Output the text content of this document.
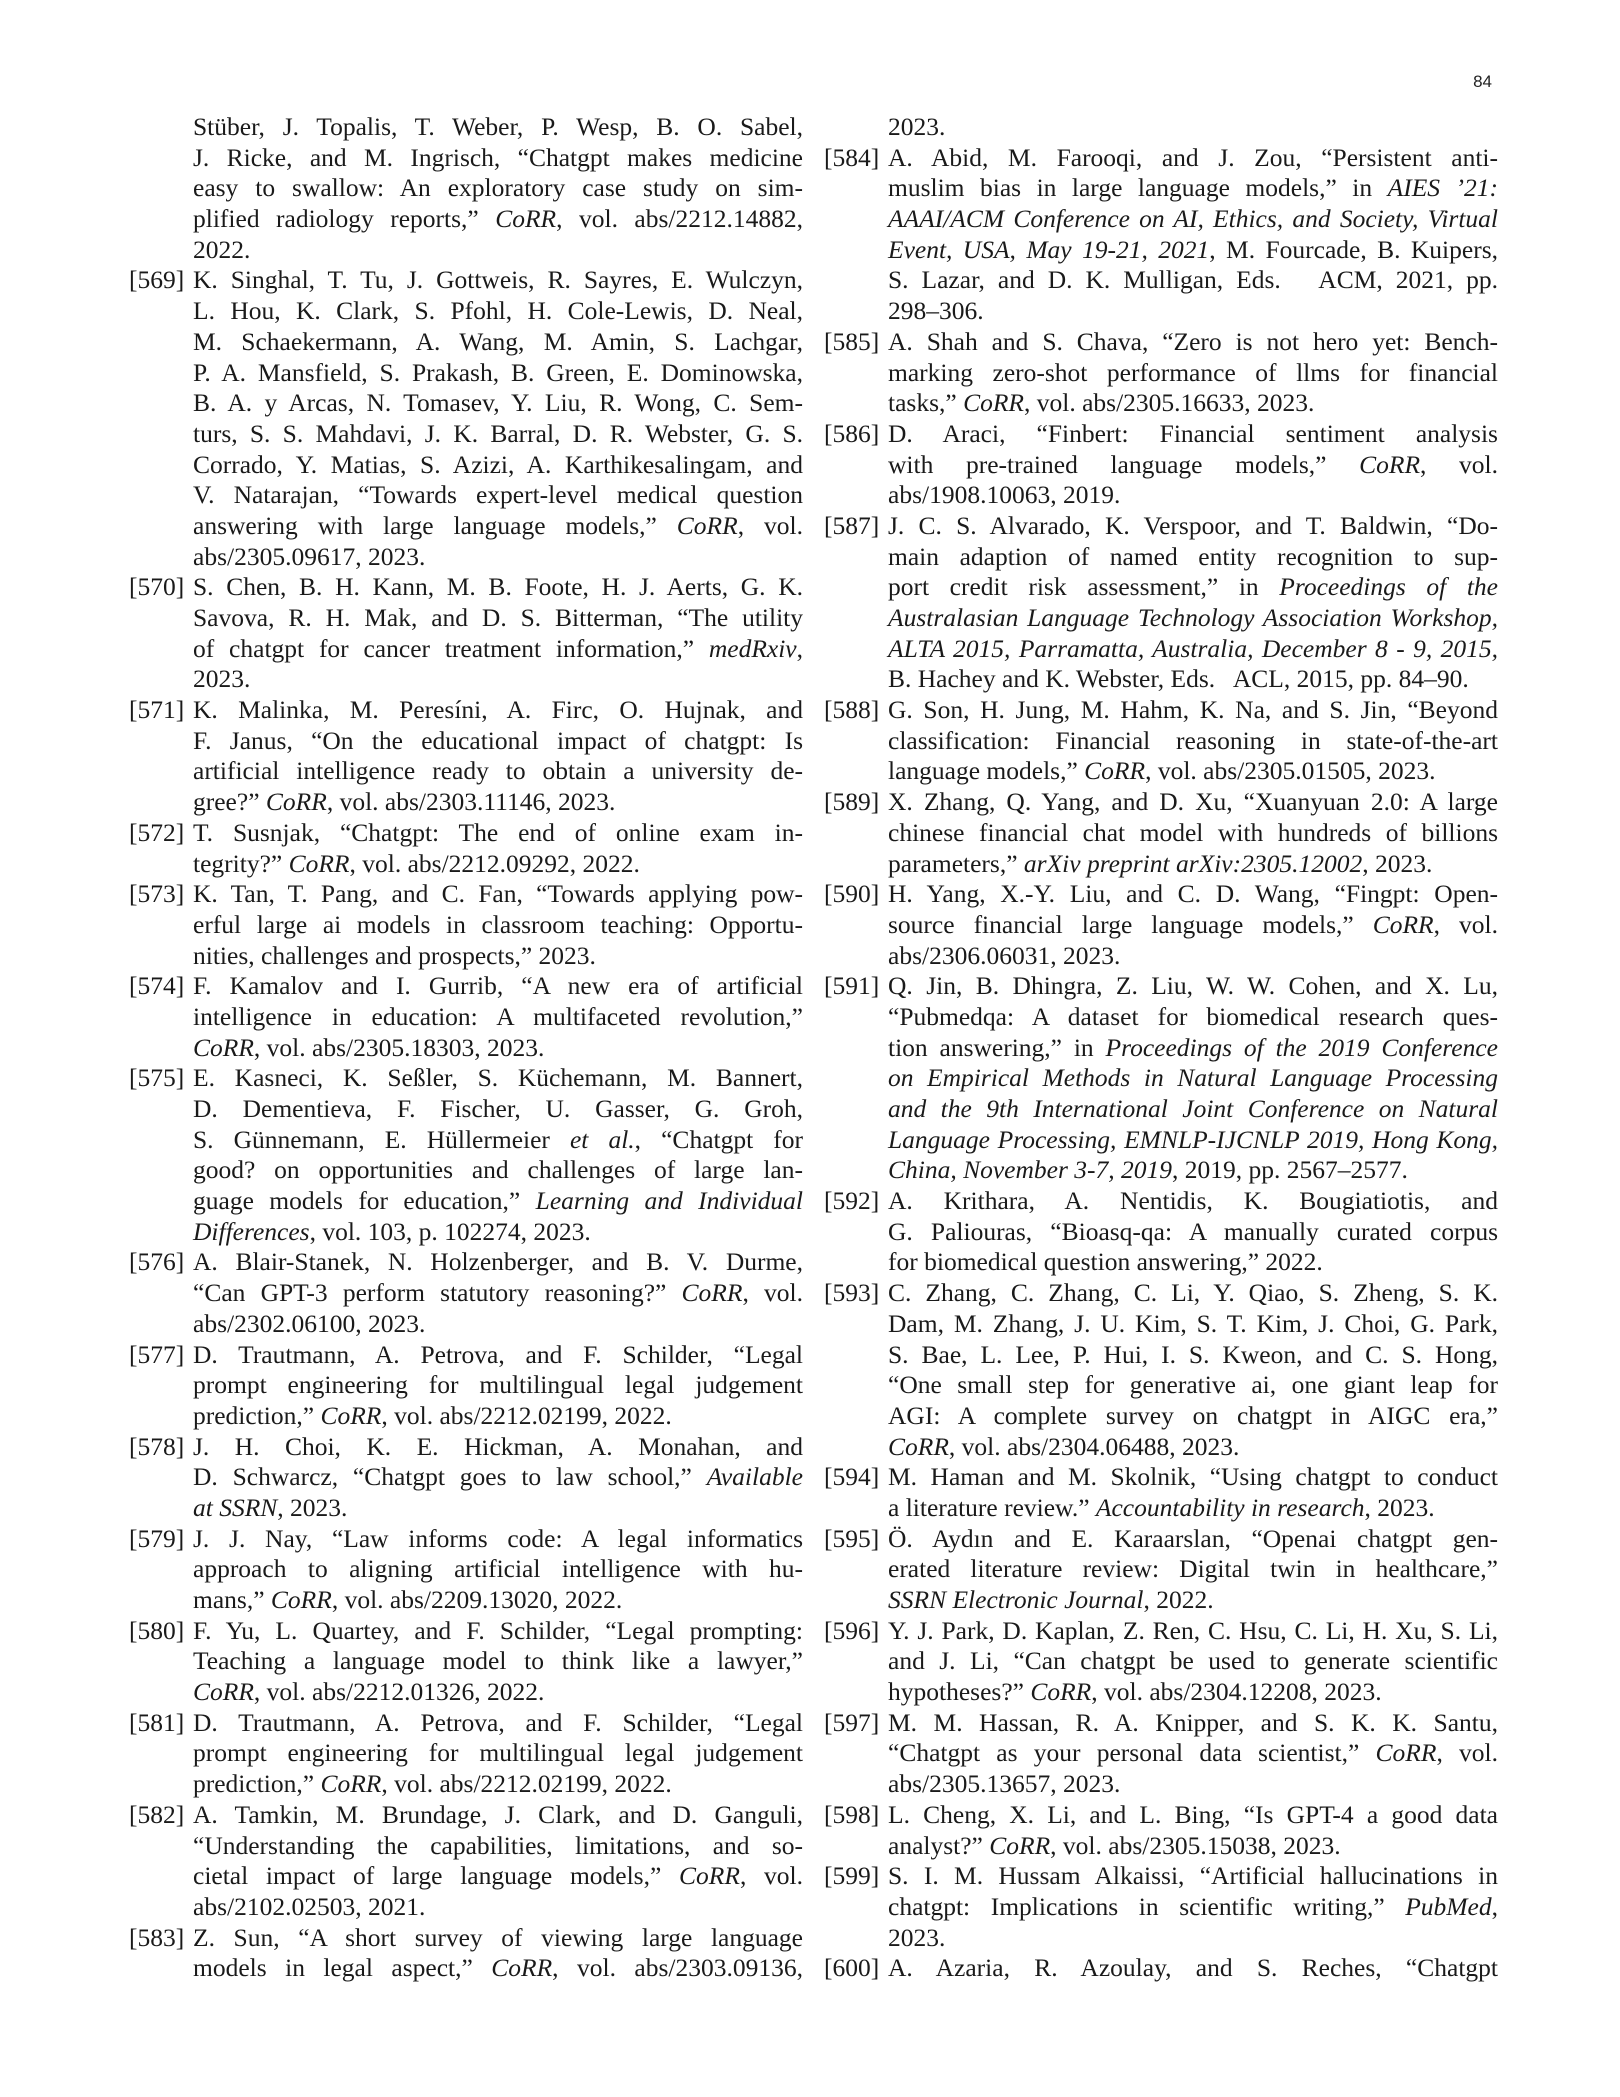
84
Stüber, J. Topalis, T. Weber, P. Wesp, B. O. Sabel,
J. Ricke, and M. Ingrisch, “Chatgpt makes medicine
easy to swallow: An exploratory case study on sim-
plified radiology reports,” CoRR, vol. abs/2212.14882,
2022.
[569] K. Singhal, T. Tu, J. Gottweis, R. Sayres, E. Wulczyn,
L. Hou, K. Clark, S. Pfohl, H. Cole-Lewis, D. Neal,
M. Schaekermann, A. Wang, M. Amin, S. Lachgar,
P. A. Mansfield, S. Prakash, B. Green, E. Dominowska,
B. A. y Arcas, N. Tomasev, Y. Liu, R. Wong, C. Sem-
turs, S. S. Mahdavi, J. K. Barral, D. R. Webster, G. S.
Corrado, Y. Matias, S. Azizi, A. Karthikesalingam, and
V. Natarajan, “Towards expert-level medical question
answering with large language models,” CoRR, vol.
abs/2305.09617, 2023.
[570] S. Chen, B. H. Kann, M. B. Foote, H. J. Aerts, G. K.
Savova, R. H. Mak, and D. S. Bitterman, “The utility
of chatgpt for cancer treatment information,” medRxiv,
2023.
[571] K. Malinka, M. Peresíni, A. Firc, O. Hujnak, and
F. Janus, “On the educational impact of chatgpt: Is
artificial intelligence ready to obtain a university de-
gree?” CoRR, vol. abs/2303.11146, 2023.
[572] T. Susnjak, “Chatgpt: The end of online exam in-
tegrity?” CoRR, vol. abs/2212.09292, 2022.
[573] K. Tan, T. Pang, and C. Fan, “Towards applying pow-
erful large ai models in classroom teaching: Opportu-
nities, challenges and prospects,” 2023.
[574] F. Kamalov and I. Gurrib, “A new era of artificial
intelligence in education: A multifaceted revolution,”
CoRR, vol. abs/2305.18303, 2023.
[575] E. Kasneci, K. Seßler, S. Küchemann, M. Bannert,
D. Dementieva, F. Fischer, U. Gasser, G. Groh,
S. Günnemann, E. Hüllermeier et al., “Chatgpt for
good? on opportunities and challenges of large lan-
guage models for education,” Learning and Individual
Differences, vol. 103, p. 102274, 2023.
[576] A. Blair-Stanek, N. Holzenberger, and B. V. Durme,
“Can GPT-3 perform statutory reasoning?” CoRR, vol.
abs/2302.06100, 2023.
[577] D. Trautmann, A. Petrova, and F. Schilder, “Legal
prompt engineering for multilingual legal judgement
prediction,” CoRR, vol. abs/2212.02199, 2022.
[578] J. H. Choi, K. E. Hickman, A. Monahan, and
D. Schwarcz, “Chatgpt goes to law school,” Available
at SSRN, 2023.
[579] J. J. Nay, “Law informs code: A legal informatics
approach to aligning artificial intelligence with hu-
mans,” CoRR, vol. abs/2209.13020, 2022.
[580] F. Yu, L. Quartey, and F. Schilder, “Legal prompting:
Teaching a language model to think like a lawyer,”
CoRR, vol. abs/2212.01326, 2022.
[581] D. Trautmann, A. Petrova, and F. Schilder, “Legal
prompt engineering for multilingual legal judgement
prediction,” CoRR, vol. abs/2212.02199, 2022.
[582] A. Tamkin, M. Brundage, J. Clark, and D. Ganguli,
“Understanding the capabilities, limitations, and so-
cietal impact of large language models,” CoRR, vol.
abs/2102.02503, 2021.
[583] Z. Sun, “A short survey of viewing large language
models in legal aspect,” CoRR, vol. abs/2303.09136,
2023.
[584] A. Abid, M. Farooqi, and J. Zou, “Persistent anti-
muslim bias in large language models,” in AIES ’21:
AAAI/ACM Conference on AI, Ethics, and Society, Virtual
Event, USA, May 19-21, 2021, M. Fourcade, B. Kuipers,
S. Lazar, and D. K. Mulligan, Eds.   ACM, 2021, pp.
298–306.
[585] A. Shah and S. Chava, “Zero is not hero yet: Bench-
marking zero-shot performance of llms for financial
tasks,” CoRR, vol. abs/2305.16633, 2023.
[586] D. Araci, “Finbert: Financial sentiment analysis
with pre-trained language models,” CoRR, vol.
abs/1908.10063, 2019.
[587] J. C. S. Alvarado, K. Verspoor, and T. Baldwin, “Do-
main adaption of named entity recognition to sup-
port credit risk assessment,” in Proceedings of the
Australasian Language Technology Association Workshop,
ALTA 2015, Parramatta, Australia, December 8 - 9, 2015,
B. Hachey and K. Webster, Eds.   ACL, 2015, pp. 84–90.
[588] G. Son, H. Jung, M. Hahm, K. Na, and S. Jin, “Beyond
classification: Financial reasoning in state-of-the-art
language models,” CoRR, vol. abs/2305.01505, 2023.
[589] X. Zhang, Q. Yang, and D. Xu, “Xuanyuan 2.0: A large
chinese financial chat model with hundreds of billions
parameters,” arXiv preprint arXiv:2305.12002, 2023.
[590] H. Yang, X.-Y. Liu, and C. D. Wang, “Fingpt: Open-
source financial large language models,” CoRR, vol.
abs/2306.06031, 2023.
[591] Q. Jin, B. Dhingra, Z. Liu, W. W. Cohen, and X. Lu,
“Pubmedqa: A dataset for biomedical research ques-
tion answering,” in Proceedings of the 2019 Conference
on Empirical Methods in Natural Language Processing
and the 9th International Joint Conference on Natural
Language Processing, EMNLP-IJCNLP 2019, Hong Kong,
China, November 3-7, 2019, 2019, pp. 2567–2577.
[592] A. Krithara, A. Nentidis, K. Bougiatiotis, and
G. Paliouras, “Bioasq-qa: A manually curated corpus
for biomedical question answering,” 2022.
[593] C. Zhang, C. Zhang, C. Li, Y. Qiao, S. Zheng, S. K.
Dam, M. Zhang, J. U. Kim, S. T. Kim, J. Choi, G. Park,
S. Bae, L. Lee, P. Hui, I. S. Kweon, and C. S. Hong,
“One small step for generative ai, one giant leap for
AGI: A complete survey on chatgpt in AIGC era,”
CoRR, vol. abs/2304.06488, 2023.
[594] M. Haman and M. Skolnik, “Using chatgpt to conduct
a literature review.” Accountability in research, 2023.
[595] Ö. Aydın and E. Karaarslan, “Openai chatgpt gen-
erated literature review: Digital twin in healthcare,”
SSRN Electronic Journal, 2022.
[596] Y. J. Park, D. Kaplan, Z. Ren, C. Hsu, C. Li, H. Xu, S. Li,
and J. Li, “Can chatgpt be used to generate scientific
hypotheses?” CoRR, vol. abs/2304.12208, 2023.
[597] M. M. Hassan, R. A. Knipper, and S. K. K. Santu,
“Chatgpt as your personal data scientist,” CoRR, vol.
abs/2305.13657, 2023.
[598] L. Cheng, X. Li, and L. Bing, “Is GPT-4 a good data
analyst?” CoRR, vol. abs/2305.15038, 2023.
[599] S. I. M. Hussam Alkaissi, “Artificial hallucinations in
chatgpt: Implications in scientific writing,” PubMed,
2023.
[600] A. Azaria, R. Azoulay, and S. Reches, “Chatgpt
